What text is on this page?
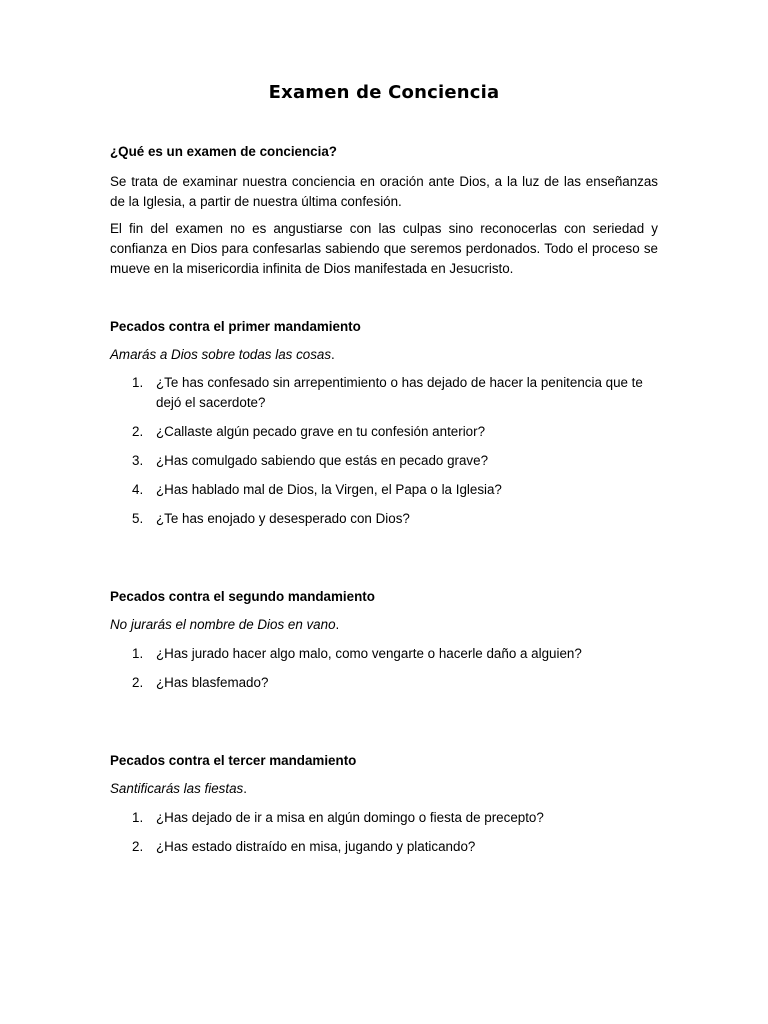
Examen de Conciencia
¿Qué es un examen de conciencia?
Se trata de examinar nuestra conciencia en oración ante Dios, a la luz de las enseñanzas de la Iglesia, a partir de nuestra última confesión.
El fin del examen no es angustiarse con las culpas sino reconocerlas con seriedad y confianza en Dios para confesarlas sabiendo que seremos perdonados. Todo el proceso se mueve en la misericordia infinita de Dios manifestada en Jesucristo.
Pecados contra el primer mandamiento
Amarás a Dios sobre todas las cosas.
1. ¿Te has confesado sin arrepentimiento o has dejado de hacer la penitencia que te dejó el sacerdote?
2. ¿Callaste algún pecado grave en tu confesión anterior?
3. ¿Has comulgado sabiendo que estás en pecado grave?
4. ¿Has hablado mal de Dios, la Virgen, el Papa o la Iglesia?
5. ¿Te has enojado y desesperado con Dios?
Pecados contra el segundo mandamiento
No jurarás el nombre de Dios en vano.
1. ¿Has jurado hacer algo malo, como vengarte o hacerle daño a alguien?
2. ¿Has blasfemado?
Pecados contra el tercer mandamiento
Santificarás las fiestas.
1. ¿Has dejado de ir a misa en algún domingo o fiesta de precepto?
2. ¿Has estado distraído en misa, jugando y platicando?
